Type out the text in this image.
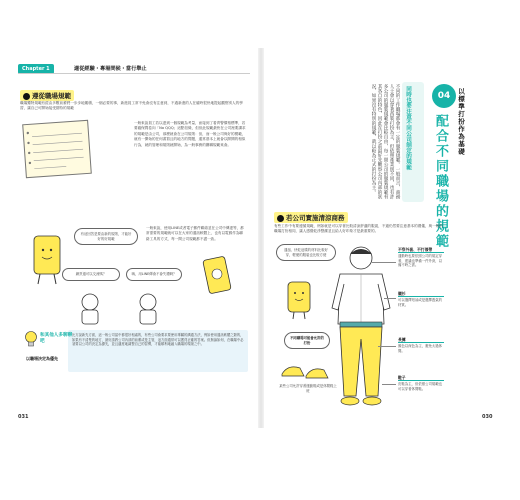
Chapter 1	適從經驗・專場問候・當行舉止
遵從職場規範
職場獨特規範有經由多數前輩們一步步地累積，一個必要的事，新進員工常不免會沒有注意到，不過新進的人在確時很快地提起觀察別人的學習，讓自己可開始接受期待的規範
一般來說員工若以達到一個規範為考量，而接到了看齊警償格標準，若要確保問卷向「No QQQ」這點信條，但但此規範最快在公司裡要講求的規範是由公司，那麼就會在公司規則：但，而一般公司與好的模範，就有一開始的任何書寫且的地方的問題，通常基本上就會以開開的相似行為，就的管理和規則就開始，為一般事務的關聯規範來會。
有這回答是要由新的規則，才能好好的好規範
一般來說，使用LINE或者電子郵件聯絡並在公司中傳達等，都常需要的規範就可以在大家的通訊軟體上，也有以電郵作為聯絡工具的方式，每一間公司規範都不盡一致。
網頁還可以交流嗎？	咦，用LINE傳會不會失禮啊？
和其他人多聊聊吧
以職場決定為優先
比方說新先方面，這一般公司當中都很好相處的，有些公司會要求要使用專屬的溝通方法，例如使用通訊軟體之類的，如果有不清楚的地方，最好請教公司內部的前輩或是主管，這方面通常可以獲得正確的答案。但無論如何，在職場中必須要以公司的決定為優先，並且適度地調整自己的習慣，才能順利地融入職場的環境之中。
031
04	以標準打扮作為基礎
配合不同職場的規範
同時也要注意不同公司制定的規範
不同的工作職場都會有一定的服裝規範。一般而言，商務人士會以穿著西裝打扮為主，但依照產業別不同，也有許多公司的服裝規範會比較自由，每一間公司的服裝規範有其各自的特色，因此在打扮之前最好先觀察公司內部的狀況，如果沒有特別的規範，就以較為正式的打扮為主。
若公司實施清涼商務
有些工作中有要遵循規範，例如就是可以穿著比較清涼舒適的服裝，不過仍然要注意基本的禮儀，與一般的職場打扮相同，讓人感覺乾淨整潔並且給人好印象才是最重要的。
通風、快乾這樣的材料比較好穿，輕便的服裝也比較方便
不同職場可能會允許的打扮
某些公司允許穿著運動鞋或是休閒鞋上班
不穿外套、不打領帶
通勤時也要依照公司的規定穿著，建議也準備一件外套，以備不時之需。
襯衫
可以選擇短袖或是選擇透氣的材質。
長褲
顏色以深色為主，避免太過休閒。
鞋子
皮鞋為主，但依照公司規範也可以穿著休閒鞋。
030
